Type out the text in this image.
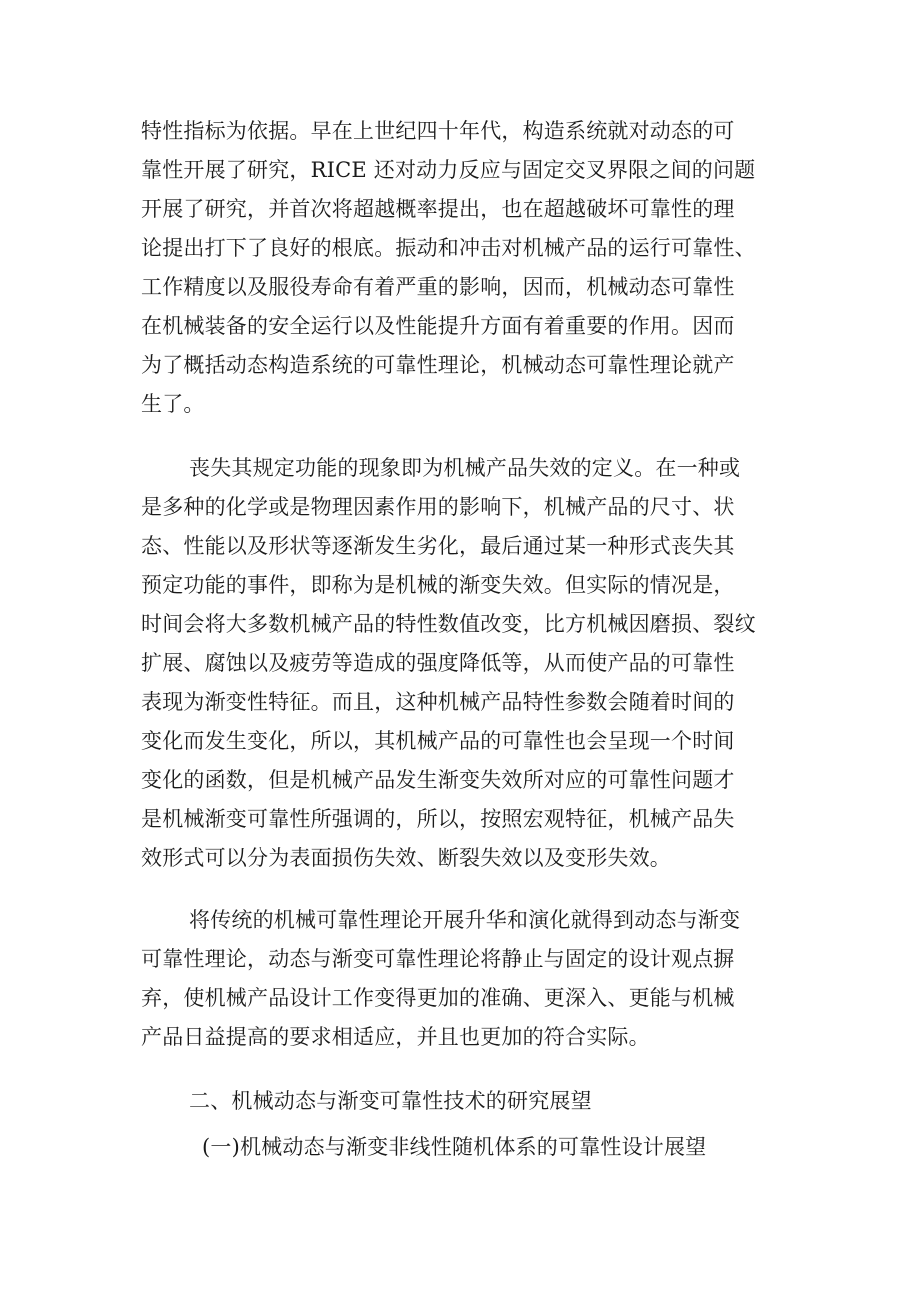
特性指标为依据。早在上世纪四十年代，构造系统就对动态的可
靠性开展了研究，RICE 还对动力反应与固定交叉界限之间的问题
开展了研究，并首次将超越概率提出，也在超越破坏可靠性的理
论提出打下了良好的根底。振动和冲击对机械产品的运行可靠性、
工作精度以及服役寿命有着严重的影响，因而，机械动态可靠性
在机械装备的安全运行以及性能提升方面有着重要的作用。因而
为了概括动态构造系统的可靠性理论，机械动态可靠性理论就产
生了。
丧失其规定功能的现象即为机械产品失效的定义。在一种或
是多种的化学或是物理因素作用的影响下，机械产品的尺寸、状
态、性能以及形状等逐渐发生劣化，最后通过某一种形式丧失其
预定功能的事件，即称为是机械的渐变失效。但实际的情况是，
时间会将大多数机械产品的特性数值改变，比方机械因磨损、裂纹
扩展、腐蚀以及疲劳等造成的强度降低等，从而使产品的可靠性
表现为渐变性特征。而且，这种机械产品特性参数会随着时间的
变化而发生变化，所以，其机械产品的可靠性也会呈现一个时间
变化的函数，但是机械产品发生渐变失效所对应的可靠性问题才
是机械渐变可靠性所强调的，所以，按照宏观特征，机械产品失
效形式可以分为表面损伤失效、断裂失效以及变形失效。
将传统的机械可靠性理论开展升华和演化就得到动态与渐变
可靠性理论，动态与渐变可靠性理论将静止与固定的设计观点摒
弃，使机械产品设计工作变得更加的准确、更深入、更能与机械
产品日益提高的要求相适应，并且也更加的符合实际。
二、机械动态与渐变可靠性技术的研究展望
(一)机械动态与渐变非线性随机体系的可靠性设计展望
